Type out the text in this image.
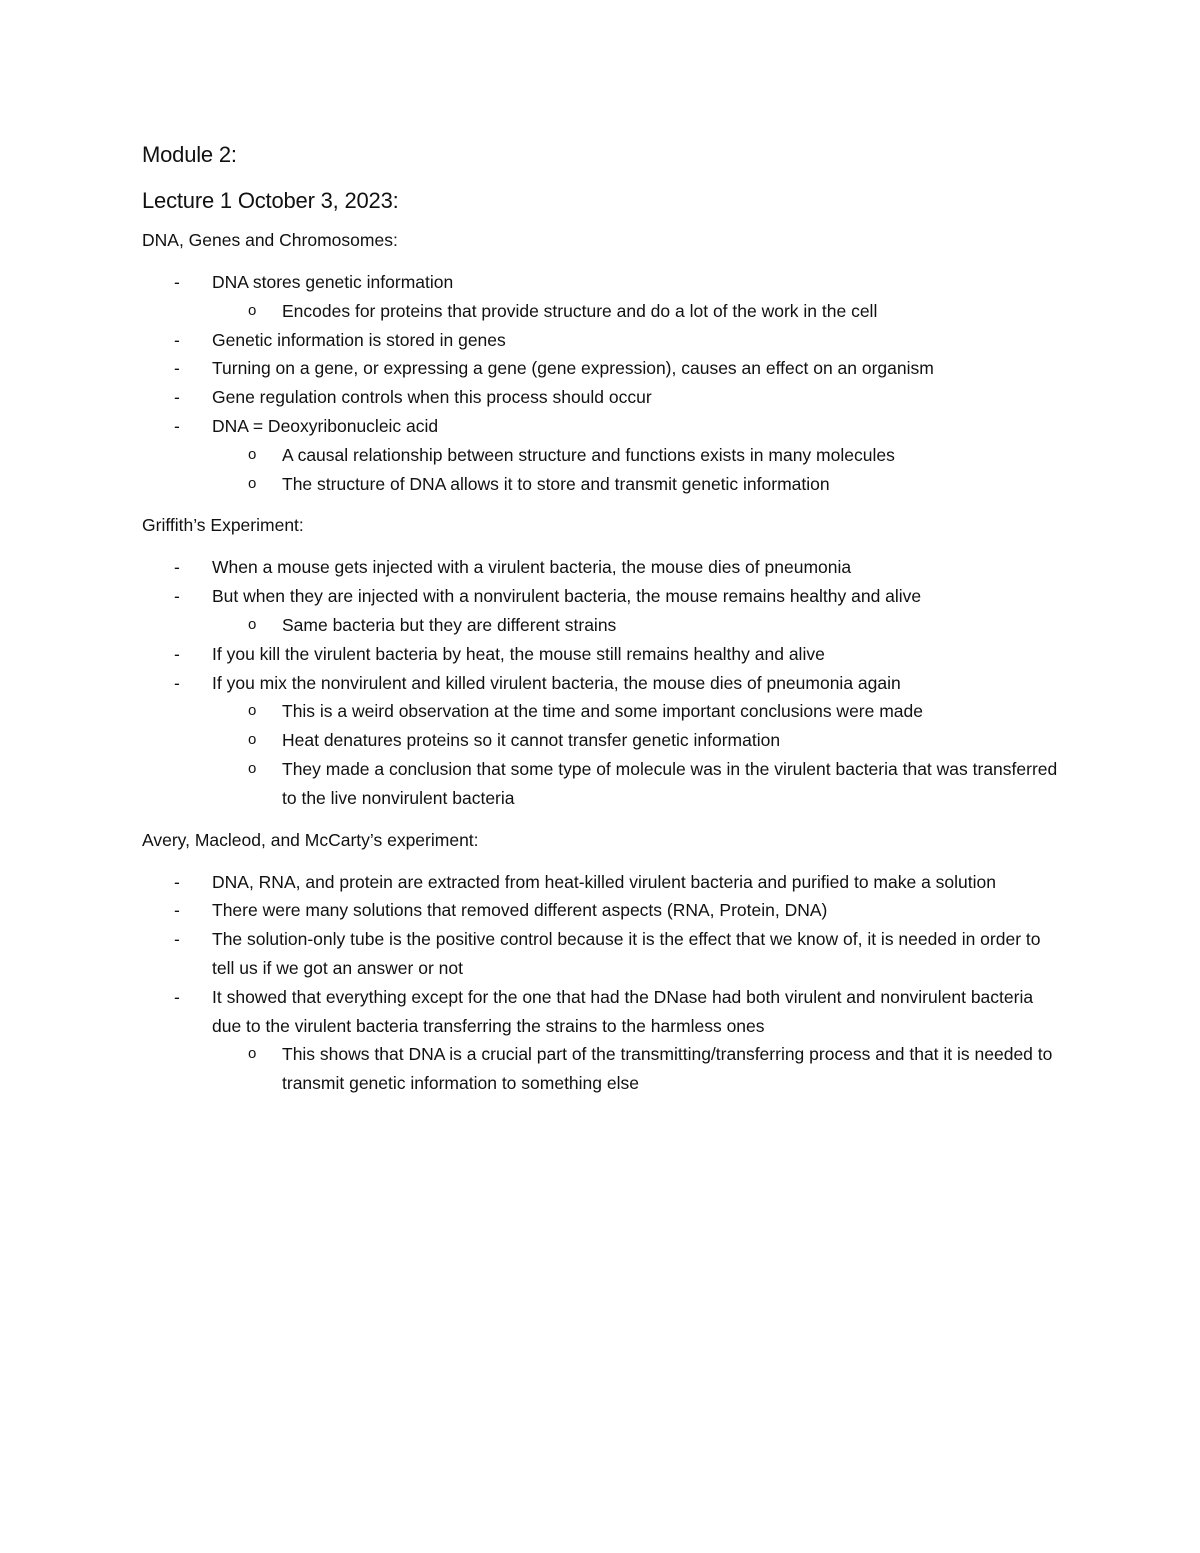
Module 2:
Lecture 1 October 3, 2023:
DNA, Genes and Chromosomes:
-	DNA stores genetic information
o	Encodes for proteins that provide structure and do a lot of the work in the cell
-	Genetic information is stored in genes
-	Turning on a gene, or expressing a gene (gene expression), causes an effect on an organism
-	Gene regulation controls when this process should occur
-	DNA = Deoxyribonucleic acid
o	A causal relationship between structure and functions exists in many molecules
o	The structure of DNA allows it to store and transmit genetic information
Griffith’s Experiment:
-	When a mouse gets injected with a virulent bacteria, the mouse dies of pneumonia
-	But when they are injected with a nonvirulent bacteria, the mouse remains healthy and alive
o	Same bacteria but they are different strains
-	If you kill the virulent bacteria by heat, the mouse still remains healthy and alive
-	If you mix the nonvirulent and killed virulent bacteria, the mouse dies of pneumonia again
o	This is a weird observation at the time and some important conclusions were made
o	Heat denatures proteins so it cannot transfer genetic information
o	They made a conclusion that some type of molecule was in the virulent bacteria that was transferred to the live nonvirulent bacteria
Avery, Macleod, and McCarty’s experiment:
-	DNA, RNA, and protein are extracted from heat-killed virulent bacteria and purified to make a solution
-	There were many solutions that removed different aspects (RNA, Protein, DNA)
-	The solution-only tube is the positive control because it is the effect that we know of, it is needed in order to tell us if we got an answer or not
-	It showed that everything except for the one that had the DNase had both virulent and nonvirulent bacteria due to the virulent bacteria transferring the strains to the harmless ones
o	This shows that DNA is a crucial part of the transmitting/transferring process and that it is needed to transmit genetic information to something else
